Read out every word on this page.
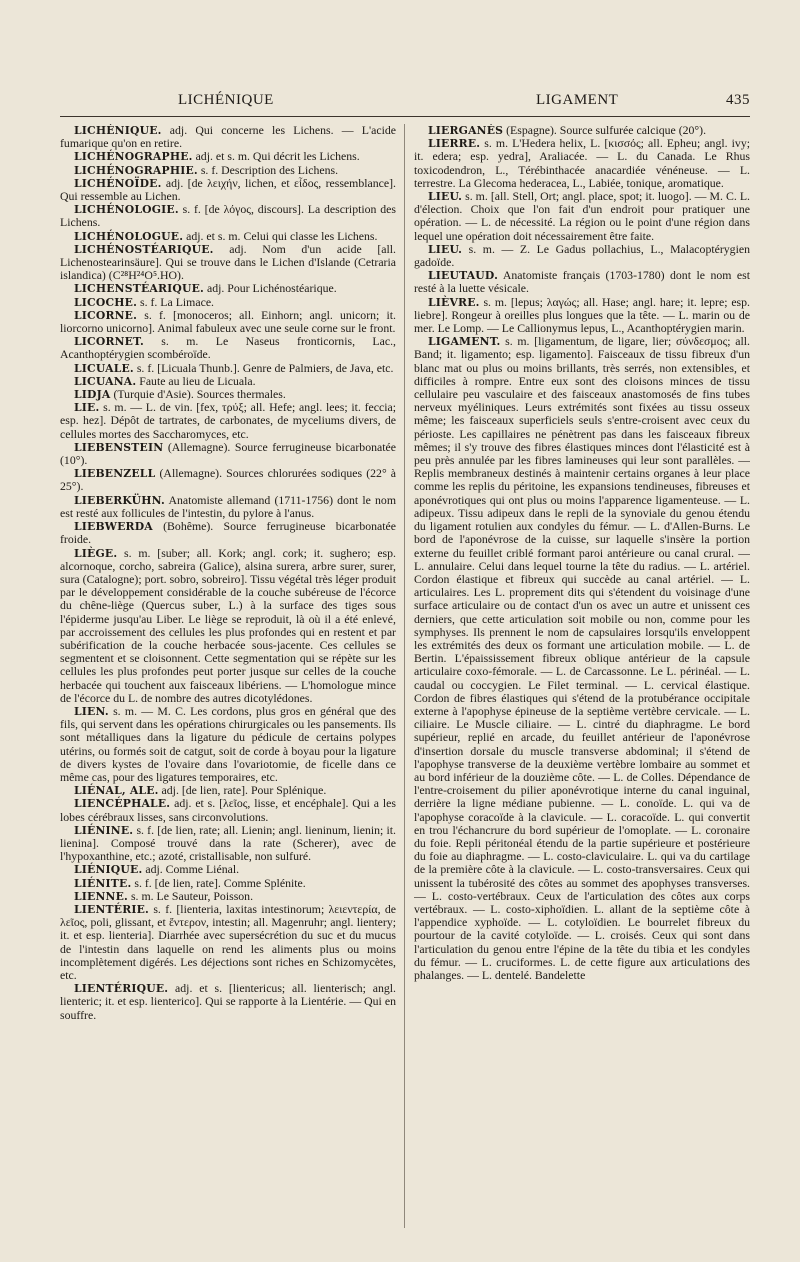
LICHÉNIQUE	LIGAMENT	435

LICHÉNIQUE. adj. Qui concerne les Lichens. — L'acide fumarique qu'on en retire.

LICHÉNOGRAPHE. adj. et s. m. Qui décrit les Lichens.

LICHÉNOGRAPHIE. s. f. Description des Lichens.

LICHÉNOÏDE. adj. [de λειχήν, lichen, et εἶδος, ressemblance]. Qui ressemble au Lichen.

LICHÉNOLOGIE. s. f. [de λόγος, discours]. La description des Lichens.

LICHÉNOLOGUE. adj. et s. m. Celui qui classe les Lichens.

LICHÉNOSTÉARIQUE. adj. Nom d'un acide [all. Lichenostearinsäure]. Qui se trouve dans le Lichen d'Islande (Cetraria islandica) (C²⁸H²⁴O⁵.HO).

LICHENSTÉARIQUE. adj. Pour Lichénostéarique.

LICOCHE. s. f. La Limace.

LICORNE. s. f. [monoceros; all. Einhorn; angl. unicorn; it. liorcorno unicorno]. Animal fabuleux avec une seule corne sur le front.

LICORNET. s. m. Le Naseus fronticornis, Lac., Acanthoptérygien scombéroïde.

LICUALE. s. f. [Licuala Thunb.]. Genre de Palmiers, de Java, etc.

LICUANA. Faute au lieu de Licuala.

LIDJA (Turquie d'Asie). Sources thermales.

LIE. s. m. — L. de vin. [fex, τρύξ; all. Hefe; angl. lees; it. feccia; esp. hez]. Dépôt de tartrates, de carbonates, de myceliums divers, de cellules mortes des Saccharomyces, etc.

LIEBENSTEIN (Allemagne). Source ferrugineuse bicarbonatée (10°).

LIEBENZELL (Allemagne). Sources chlorurées sodiques (22° à 25°).

LIEBERKÜHN. Anatomiste allemand (1711-1756) dont le nom est resté aux follicules de l'intestin, du pylore à l'anus.

LIEBWERDA (Bohême). Source ferrugineuse bicarbonatée froide.

LIÈGE. s. m. [suber; all. Kork; angl. cork; it. sughero; esp. alcornoque, corcho, sabreira (Galice), alsina surera, arbre surer, surer, sura (Catalogne); port. sobro, sobreiro]. Tissu végétal très léger produit par le développement considérable de la couche subéreuse de l'écorce du chêne-liège (Quercus suber, L.) à la surface des tiges sous l'épiderme jusqu'au Liber. Le liège se reproduit, là où il a été enlevé, par accroissement des cellules les plus profondes qui en restent et par subérification de la couche herbacée sous-jacente. Ces cellules se segmentent et se cloisonnent. Cette segmentation qui se répète sur les cellules les plus profondes peut porter jusque sur celles de la couche herbacée qui touchent aux faisceaux libériens. — L'homologue mince de l'écorce du L. de nombre des autres dicotylédones.

LIEN. s. m. — M. C. Les cordons, plus gros en général que des fils, qui servent dans les opérations chirurgicales ou les pansements. Ils sont métalliques dans la ligature du pédicule de certains polypes utérins, ou formés soit de catgut, soit de corde à boyau pour la ligature de divers kystes de l'ovaire dans l'ovariotomie, de ficelle dans ce même cas, pour des ligatures temporaires, etc.

LIÉNAL, ALE. adj. [de lien, rate]. Pour Splénique.

LIENCÉPHALE. adj. et s. [λεῖος, lisse, et encéphale]. Qui a les lobes cérébraux lisses, sans circonvolutions.

LIÉNINE. s. f. [de lien, rate; all. Lienin; angl. lieninum, lienin; it. lienina]. Composé trouvé dans la rate (Scherer), avec de l'hypoxanthine, etc.; azoté, cristallisable, non sulfuré.

LIÉNIQUE. adj. Comme Liénal.

LIÉNITE. s. f. [de lien, rate]. Comme Splénite.

LIENNE. s. m. Le Sauteur, Poisson.

LIENTÉRIE. s. f. [lienteria, laxitas intestinorum; λειεντερία, de λεῖος, poli, glissant, et ἔντερον, intestin; all. Magenruhr; angl. lientery; it. et esp. lienteria]. Diarrhée avec supersécrétion du suc et du mucus de l'intestin dans laquelle on rend les aliments plus ou moins incomplètement digérés. Les déjections sont riches en Schizomycètes, etc.

LIENTÉRIQUE. adj. et s. [lientericus; all. lienterisch; angl. lienteric; it. et esp. lienterico]. Qui se rapporte à la Lientérie. — Qui en souffre.

LIERGANÈS (Espagne). Source sulfurée calcique (20°).

LIERRE. s. m. L'Hedera helix, L. [κισσός; all. Epheu; angl. ivy; it. edera; esp. yedra], Araliacée. — L. du Canada. Le Rhus toxicodendron, L., Térébinthacée anacardiée vénéneuse. — L. terrestre. La Glecoma hederacea, L., Labiée, tonique, aromatique.

LIEU. s. m. [all. Stell, Ort; angl. place, spot; it. luogo]. — M. C. L. d'élection. Choix que l'on fait d'un endroit pour pratiquer une opération. — L. de nécessité. La région ou le point d'une région dans lequel une opération doit nécessairement être faite.

LIEU. s. m. — Z. Le Gadus pollachius, L., Malacoptérygien gadoïde.

LIEUTAUD. Anatomiste français (1703-1780) dont le nom est resté à la luette vésicale.

LIÈVRE. s. m. [lepus; λαγώς; all. Hase; angl. hare; it. lepre; esp. liebre]. Rongeur à oreilles plus longues que la tête. — L. marin ou de mer. Le Lomp. — Le Callionymus lepus, L., Acanthoptérygien marin.

LIGAMENT. s. m. [ligamentum, de ligare, lier; σύνδεσμος; all. Band; it. ligamento; esp. ligamento]. Faisceaux de tissu fibreux d'un blanc mat ou plus ou moins brillants, très serrés, non extensibles, et difficiles à rompre. Entre eux sont des cloisons minces de tissu cellulaire peu vasculaire et des faisceaux anastomosés de fins tubes nerveux myéliniques. Leurs extrémités sont fixées au tissu osseux même; les faisceaux superficiels seuls s'entre-croisent avec ceux du périoste. Les capillaires ne pénètrent pas dans les faisceaux fibreux mêmes; il s'y trouve des fibres élastiques minces dont l'élasticité est à peu près annulée par les fibres lamineuses qui leur sont parallèles. — Replis membraneux destinés à maintenir certains organes à leur place comme les replis du péritoine, les expansions tendineuses, fibreuses et aponévrotiques qui ont plus ou moins l'apparence ligamenteuse. — L. adipeux. Tissu adipeux dans le repli de la synoviale du genou étendu du ligament rotulien aux condyles du fémur. — L. d'Allen-Burns. Le bord de l'aponévrose de la cuisse, sur laquelle s'insère la portion externe du feuillet criblé formant paroi antérieure ou canal crural. — L. annulaire. Celui dans lequel tourne la tête du radius. — L. artériel. Cordon élastique et fibreux qui succède au canal artériel. — L. articulaires. Les L. proprement dits qui s'étendent du voisinage d'une surface articulaire ou de contact d'un os avec un autre et unissent ces derniers, que cette articulation soit mobile ou non, comme pour les symphyses. Ils prennent le nom de capsulaires lorsqu'ils enveloppent les extrémités des deux os formant une articulation mobile. — L. de Bertin. L'épaississement fibreux oblique antérieur de la capsule articulaire coxo-fémorale. — L. de Carcassonne. Le L. périnéal. — L. caudal ou coccygien. Le Filet terminal. — L. cervical élastique. Cordon de fibres élastiques qui s'étend de la protubérance occipitale externe à l'apophyse épineuse de la septième vertèbre cervicale. — L. ciliaire. Le Muscle ciliaire. — L. cintré du diaphragme. Le bord supérieur, replié en arcade, du feuillet antérieur de l'aponévrose d'insertion dorsale du muscle transverse abdominal; il s'étend de l'apophyse transverse de la deuxième vertèbre lombaire au sommet et au bord inférieur de la douzième côte. — L. de Colles. Dépendance de l'entre-croisement du pilier aponévrotique interne du canal inguinal, derrière la ligne médiane pubienne. — L. conoïde. L. qui va de l'apophyse coracoïde à la clavicule. — L. coracoïde. L. qui convertit en trou l'échancrure du bord supérieur de l'omoplate. — L. coronaire du foie. Repli péritonéal étendu de la partie supérieure et postérieure du foie au diaphragme. — L. costo-claviculaire. L. qui va du cartilage de la première côte à la clavicule. — L. costo-transversaires. Ceux qui unissent la tubérosité des côtes au sommet des apophyses transverses. — L. costo-vertébraux. Ceux de l'articulation des côtes aux corps vertébraux. — L. costo-xiphoïdien. L. allant de la septième côte à l'appendice xyphoïde. — L. cotyloïdien. Le bourrelet fibreux du pourtour de la cavité cotyloïde. — L. croisés. Ceux qui sont dans l'articulation du genou entre l'épine de la tête du tibia et les condyles du fémur. — L. cruciformes. L. de cette figure aux articulations des phalanges. — L. dentelé. Bandelette
